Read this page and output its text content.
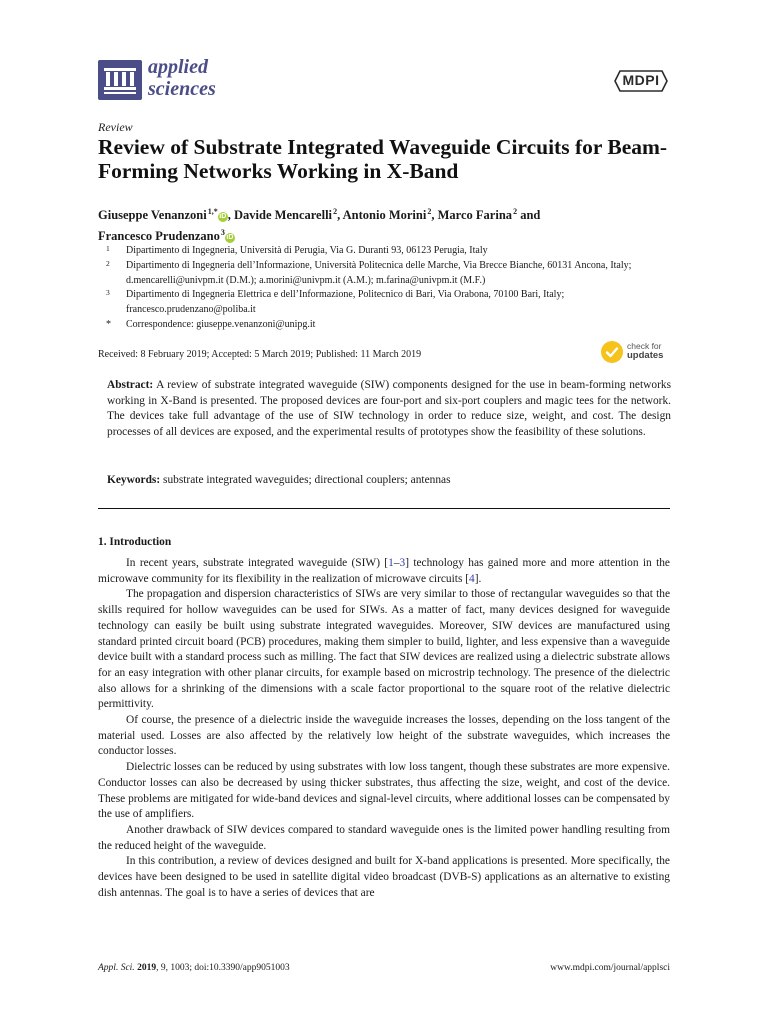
applied
sciences	MDPI
Review
Review of Substrate Integrated Waveguide Circuits for Beam-Forming Networks Working in X-Band
Giuseppe Venanzoni $^{1,*}$iD , Davide Mencarelli $^2$, Antonio Morini $^2$, Marco Farina $^2$ and
Francesco Prudenzano $^3$iD
1 Dipartimento di Ingegneria, Università di Perugia, Via G. Duranti 93, 06123 Perugia, Italy
2 Dipartimento di Ingegneria dell’Informazione, Università Politecnica delle Marche, Via Brecce Bianche, 60131 Ancona, Italy; d.mencarelli@univpm.it (D.M.); a.morini@univpm.it (A.M.); m.farina@univpm.it (M.F.)
3 Dipartimento di Ingegneria Elettrica e dell’Informazione, Politecnico di Bari, Via Orabona, 70100 Bari, Italy; francesco.prudenzano@poliba.it
* Correspondence: giuseppe.venanzoni@unipg.it
Received: 8 February 2019; Accepted: 5 March 2019; Published: 11 March 2019
check for
updates
Abstract: A review of substrate integrated waveguide (SIW) components designed for the use in beam-forming networks working in X-Band is presented. The proposed devices are four-port and six-port couplers and magic tees for the network. The devices take full advantage of the use of SIW technology in order to reduce size, weight, and cost. The design processes of all devices are exposed, and the experimental results of prototypes show the feasibility of these solutions.
Keywords: substrate integrated waveguides; directional couplers; antennas
1. Introduction

In recent years, substrate integrated waveguide (SIW) [1–3] technology has gained more and more attention in the microwave community for its flexibility in the realization of microwave circuits [4].

The propagation and dispersion characteristics of SIWs are very similar to those of rectangular waveguides so that the skills required for hollow waveguides can be used for SIWs. As a matter of fact, many devices designed for waveguide technology can easily be built using substrate integrated waveguides. Moreover, SIW devices are manufactured using standard printed circuit board (PCB) procedures, making them simpler to build, lighter, and less expensive than a waveguide device built with a standard process such as milling. The fact that SIW devices are realized using a dielectric substrate allows for an easy integration with other planar circuits, for example based on microstrip technology. The presence of the dielectric also allows for a shrinking of the dimensions with a scale factor proportional to the square root of the relative dielectric permittivity.

Of course, the presence of a dielectric inside the waveguide increases the losses, depending on the loss tangent of the material used. Losses are also affected by the relatively low height of the substrate waveguides, which increases the conductor losses.

Dielectric losses can be reduced by using substrates with low loss tangent, though these substrates are more expensive. Conductor losses can also be decreased by using thicker substrates, thus affecting the size, weight, and cost of the device. These problems are mitigated for wide-band devices and signal-level circuits, where additional losses can be compensated by the use of amplifiers.

Another drawback of SIW devices compared to standard waveguide ones is the limited power handling resulting from the reduced height of the waveguide.

In this contribution, a review of devices designed and built for X-band applications is presented. More specifically, the devices have been designed to be used in satellite digital video broadcast (DVB-S) applications as an alternative to existing dish antennas. The goal is to have a series of devices that are

Appl. Sci. 2019, 9, 1003; doi:10.3390/app9051003	www.mdpi.com/journal/applsci
